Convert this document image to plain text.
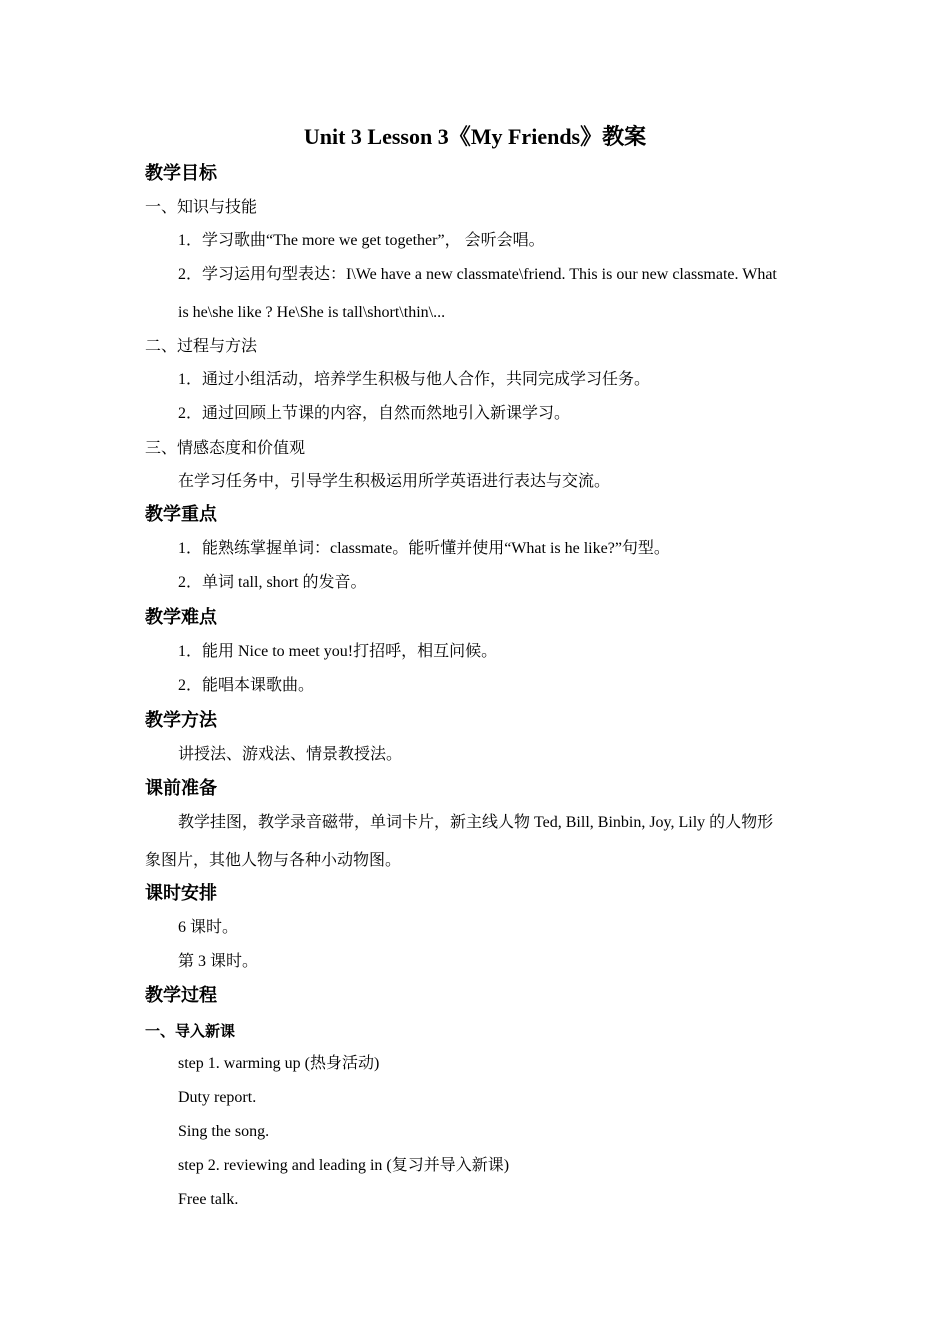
Unit 3 Lesson 3《My Friends》教案
教学目标
一、知识与技能
1．学习歌曲“The more we get together”， 会听会唱。
2．学习运用句型表达：I\We have a new classmate\friend. This is our new classmate. What
is he\she like ? He\She is tall\short\thin\...
二、过程与方法
1．通过小组活动，培养学生积极与他人合作，共同完成学习任务。
2．通过回顾上节课的内容，自然而然地引入新课学习。
三、情感态度和价值观
在学习任务中，引导学生积极运用所学英语进行表达与交流。
教学重点
1．能熟练掌握单词：classmate。能听懂并使用“What is he like?”句型。
2．单词 tall, short 的发音。
教学难点
1．能用 Nice to meet you!打招呼，相互问候。
2．能唱本课歌曲。
教学方法
讲授法、游戏法、情景教授法。
课前准备
教学挂图，教学录音磁带，单词卡片，新主线人物 Ted, Bill, Binbin, Joy, Lily 的人物形
象图片，其他人物与各种小动物图。
课时安排
6 课时。
第 3 课时。
教学过程
一、导入新课
step 1. warming up (热身活动)
Duty report.
Sing the song.
step 2. reviewing and leading in (复习并导入新课)
Free talk.
